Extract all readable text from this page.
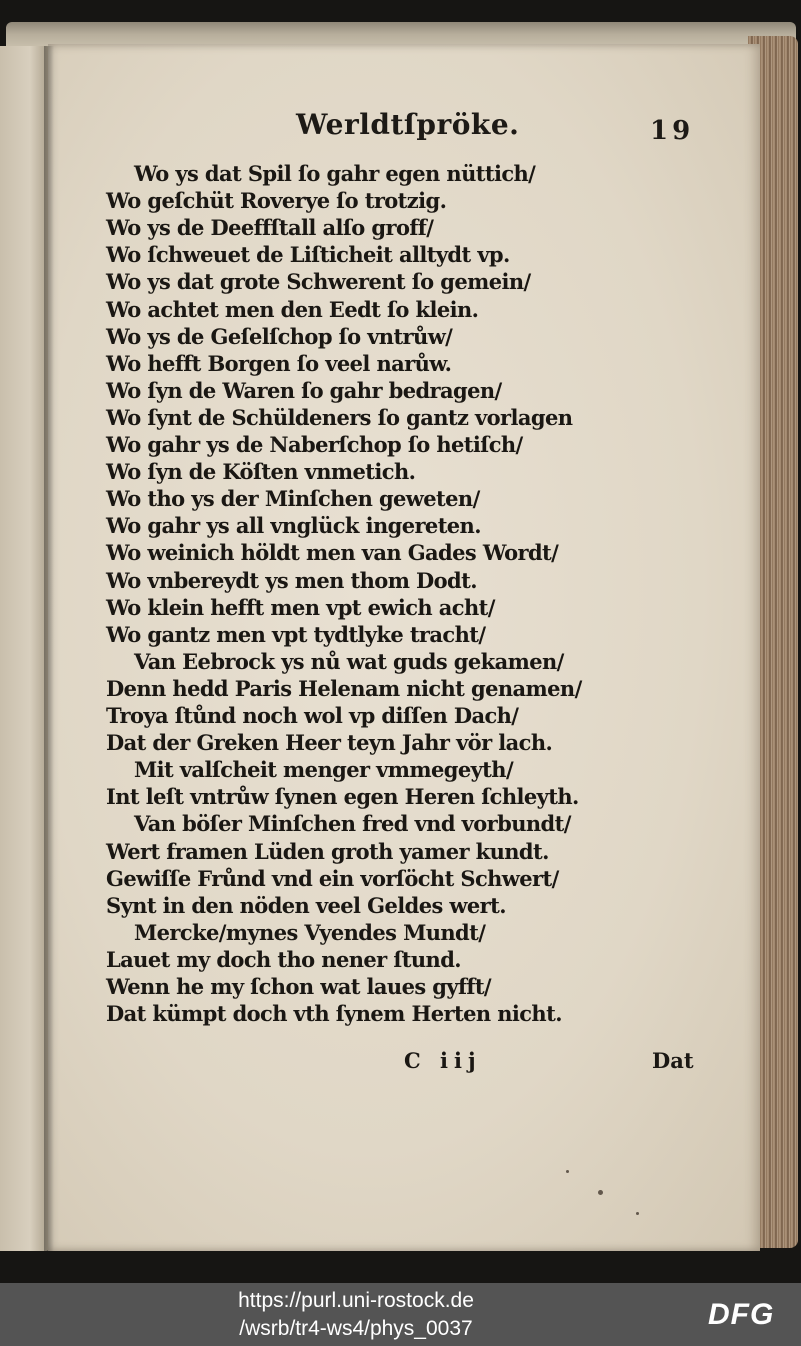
Werldtſpröke.	19
Wo ys dat Spil ſo gahr egen nüttich/
Wo geſchüt Roverye ſo trotzig.
Wo ys de Deeffſtall alſo groff/
Wo ſchweuet de Liſticheit alltydt vp.
Wo ys dat grote Schwerent ſo gemein/
Wo achtet men den Eedt ſo klein.
Wo ys de Geſelſchop ſo vntrůw/
Wo hefft Borgen ſo veel narůw.
Wo ſyn de Waren ſo gahr bedragen/
Wo ſynt de Schüldeners ſo gantz vorlagen
Wo gahr ys de Naberſchop ſo hetiſch/
Wo ſyn de Köſten vnmetich.
Wo tho ys der Minſchen geweten/
Wo gahr ys all vnglück ingereten.
Wo weinich höldt men van Gades Wordt/
Wo vnbereydt ys men thom Dodt.
Wo klein hefft men vpt ewich acht/
Wo gantz men vpt tydtlyke tracht/
Van Eebrock ys nů wat guds gekamen/
Denn hedd Paris Helenam nicht genamen/
Troya ſtůnd noch wol vp diſſen Dach/
Dat der Greken Heer teyn Jahr vör lach.
Mit valſcheit menger vmmegeyth/
Int leſt vntrůw ſynen egen Heren ſchleyth.
Van böſer Minſchen fred vnd vorbundt/
Wert framen Lüden groth yamer kundt.
Gewiſſe Frůnd vnd ein vorſöcht Schwert/
Synt in den nöden veel Geldes wert.
Mercke/mynes Vyendes Mundt/
Lauet my doch tho nener ſtund.
Wenn he my ſchon wat laues gyfft/
Dat kümpt doch vth ſynem Herten nicht.
C iij	Dat
https://purl.uni-rostock.de
/wsrb/tr4-ws4/phys_0037	DFG
